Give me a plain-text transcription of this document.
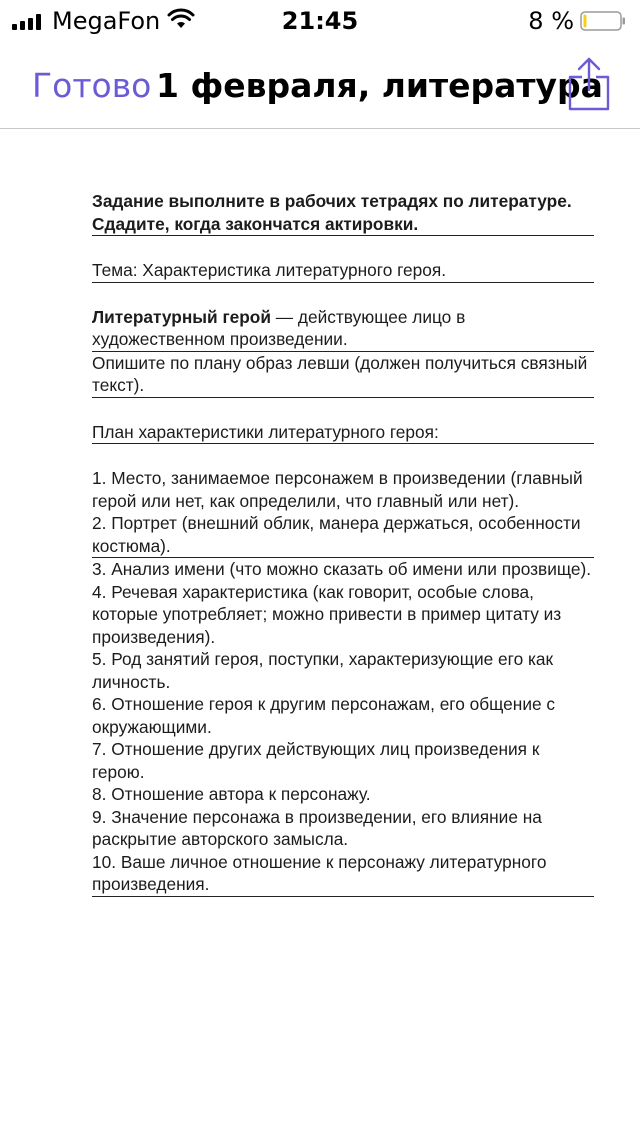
MegaFon	21:45	8 %
Готово 1 февраля, литературa
Задание выполните в рабочих тетрадях по литературе. Сдадите, когда закончатся актировки.
Тема: Характеристика литературного героя.
Литературный герой — действующее лицо в художественном произведении.
Опишите по плану образ левши (должен получиться связный текст).
План характеристики литературного героя:
1. Место, занимаемое персонажем в произведении (главный герой или нет, как определили, что главный или нет).
2. Портрет (внешний облик, манера держаться, особенности костюма).
3. Анализ имени (что можно сказать об имени или прозвище).
4. Речевая характеристика (как говорит, особые слова, которые употребляет; можно привести в пример цитату из произведения).
5. Род занятий героя, поступки, характеризующие его как личность.
6. Отношение героя к другим персонажам, его общение с окружающими.
7. Отношение других действующих лиц произведения к герою.
8. Отношение автора к персонажу.
9. Значение персонажа в произведении, его влияние на раскрытие авторского замысла.
10. Ваше личное отношение к персонажу литературного произведения.
